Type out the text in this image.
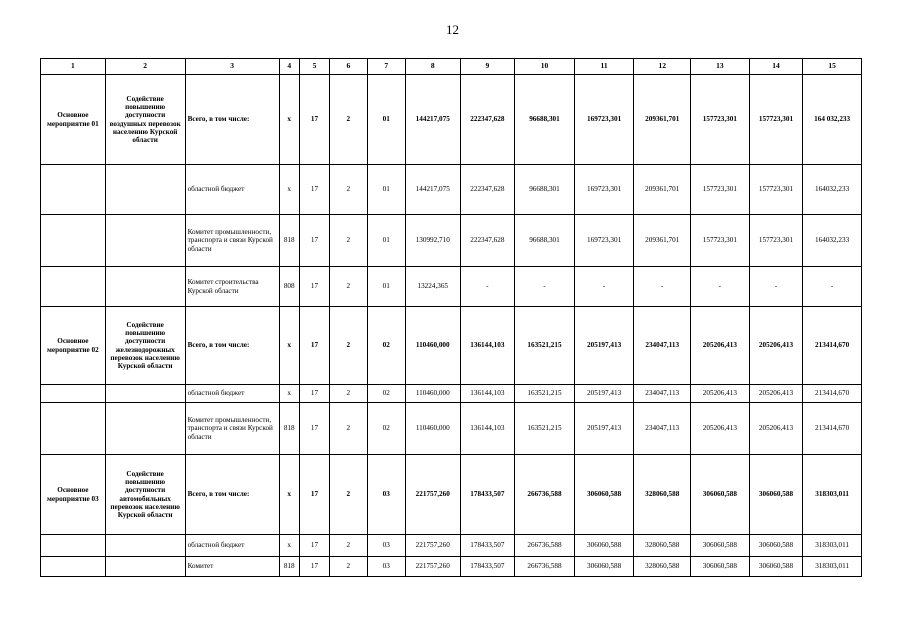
12
1	2	3	4	5	6	7	8	9	10	11	12	13	14	15
Основное мероприятие 01	Содействие повышению доступности воздушных перевозок населению Курской области	Всего, в том числе:	х	17	2	01	144217,075	222347,628	96688,301	169723,301	209361,701	157723,301	157723,301	164 032,233
		областной бюджет	х	17	2	01	144217,075	222347,628	96688,301	169723,301	209361,701	157723,301	157723,301	164032,233
		Комитет промышленности, транспорта и связи Курской области	818	17	2	01	130992,710	222347,628	96688,301	169723,301	209361,701	157723,301	157723,301	164032,233
		Комитет строительства Курской области	808	17	2	01	13224,365	-	-	-	-	-	-	-
Основное мероприятие 02	Содействие повышению доступности железнодорожных перевозок населению Курской области	Всего, в том числе:	х	17	2	02	110460,000	136144,103	163521,215	205197,413	234047,113	205206,413	205206,413	213414,670
		областной бюджет	х	17	2	02	110460,000	136144,103	163521,215	205197,413	234047,113	205206,413	205206,413	213414,670
		Комитет промышленности, транспорта и связи Курской области	818	17	2	02	110460,000	136144,103	163521,215	205197,413	234047,113	205206,413	205206,413	213414,670
Основное мероприятие 03	Содействие повышению доступности автомобильных перевозок населению Курской области	Всего, в том числе:	х	17	2	03	221757,260	178433,507	266736,588	306060,588	328060,588	306060,588	306060,588	318303,011
		областной бюджет	х	17	2	03	221757,260	178433,507	266736,588	306060,588	328060,588	306060,588	306060,588	318303,011
		Комитет	818	17	2	03	221757,260	178433,507	266736,588	306060,588	328060,588	306060,588	306060,588	318303,011
